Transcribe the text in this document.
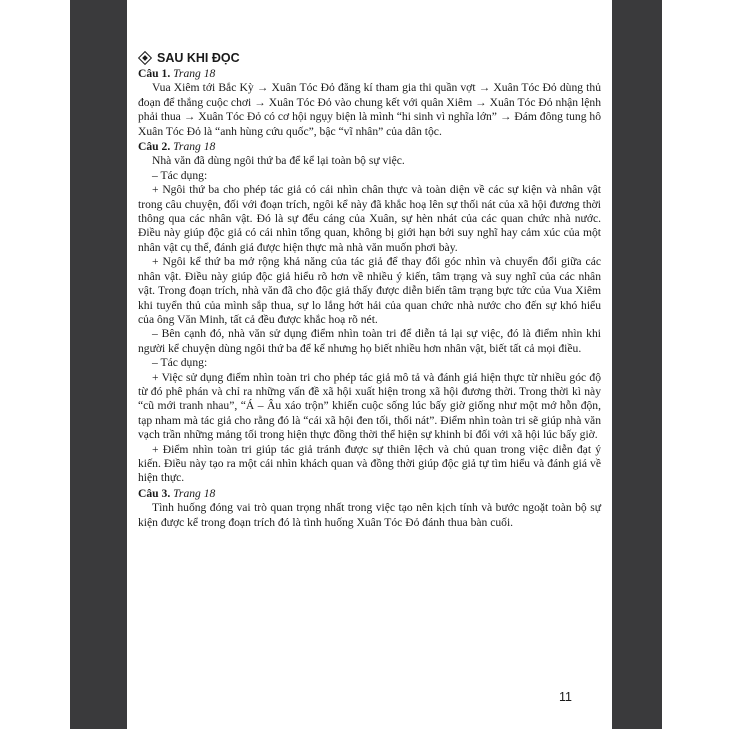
SAU KHI ĐỌC
Câu 1. Trang 18

Vua Xiêm tới Bắc Kỳ → Xuân Tóc Đỏ đăng kí tham gia thi quần vợt → Xuân Tóc Đỏ dùng thủ đoạn để thắng cuộc chơi → Xuân Tóc Đỏ vào chung kết với quân Xiêm → Xuân Tóc Đỏ nhận lệnh phải thua → Xuân Tóc Đỏ có cơ hội ngụy biện là mình “hi sinh vì nghĩa lớn” → Đám đông tung hô Xuân Tóc Đỏ là “anh hùng cứu quốc”, bậc “vĩ nhân” của dân tộc.

Câu 2. Trang 18

Nhà văn đã dùng ngôi thứ ba để kể lại toàn bộ sự việc.

– Tác dụng:

+ Ngôi thứ ba cho phép tác giả có cái nhìn chân thực và toàn diện về các sự kiện và nhân vật trong câu chuyện, đối với đoạn trích, ngôi kể này đã khắc hoạ lên sự thối nát của xã hội đương thời thông qua các nhân vật. Đó là sự đểu cáng của Xuân, sự hèn nhát của các quan chức nhà nước. Điều này giúp độc giả có cái nhìn tổng quan, không bị giới hạn bởi suy nghĩ hay cảm xúc của một nhân vật cụ thể, đánh giá được hiện thực mà nhà văn muốn phơi bày.

+ Ngôi kể thứ ba mở rộng khả năng của tác giả để thay đổi góc nhìn và chuyển đổi giữa các nhân vật. Điều này giúp độc giả hiểu rõ hơn về nhiều ý kiến, tâm trạng và suy nghĩ của các nhân vật. Trong đoạn trích, nhà văn đã cho độc giả thấy được diễn biến tâm trạng bực tức của Vua Xiêm khi tuyển thủ của mình sắp thua, sự lo lắng hớt hải của quan chức nhà nước cho đến sự khó hiểu của ông Văn Minh, tất cả đều được khắc hoạ rõ nét.

– Bên cạnh đó, nhà văn sử dụng điểm nhìn toàn tri để diễn tả lại sự việc, đó là điểm nhìn khi người kể chuyện dùng ngôi thứ ba để kể nhưng họ biết nhiều hơn nhân vật, biết tất cả mọi điều.

– Tác dụng:

+ Việc sử dụng điểm nhìn toàn tri cho phép tác giả mô tả và đánh giá hiện thực từ nhiều góc độ từ đó phê phán và chỉ ra những vấn đề xã hội xuất hiện trong xã hội đương thời. Trong thời kì này “cũ mới tranh nhau”, “Á – Âu xáo trộn” khiến cuộc sống lúc bấy giờ giống như một mớ hỗn độn, tạp nham mà tác giả cho rằng đó là “cái xã hội đen tối, thối nát”. Điểm nhìn toàn tri sẽ giúp nhà văn vạch trần những mảng tối trong hiện thực đồng thời thể hiện sự khinh bỉ đối với xã hội lúc bấy giờ.

+ Điểm nhìn toàn tri giúp tác giả tránh được sự thiên lệch và chủ quan trong việc diễn đạt ý kiến. Điều này tạo ra một cái nhìn khách quan và đồng thời giúp độc giả tự tìm hiểu và đánh giá về hiện thực.

Câu 3. Trang 18

Tình huống đóng vai trò quan trọng nhất trong việc tạo nên kịch tính và bước ngoặt toàn bộ sự kiện được kể trong đoạn trích đó là tình huống Xuân Tóc Đỏ đánh thua bàn cuối.

11
